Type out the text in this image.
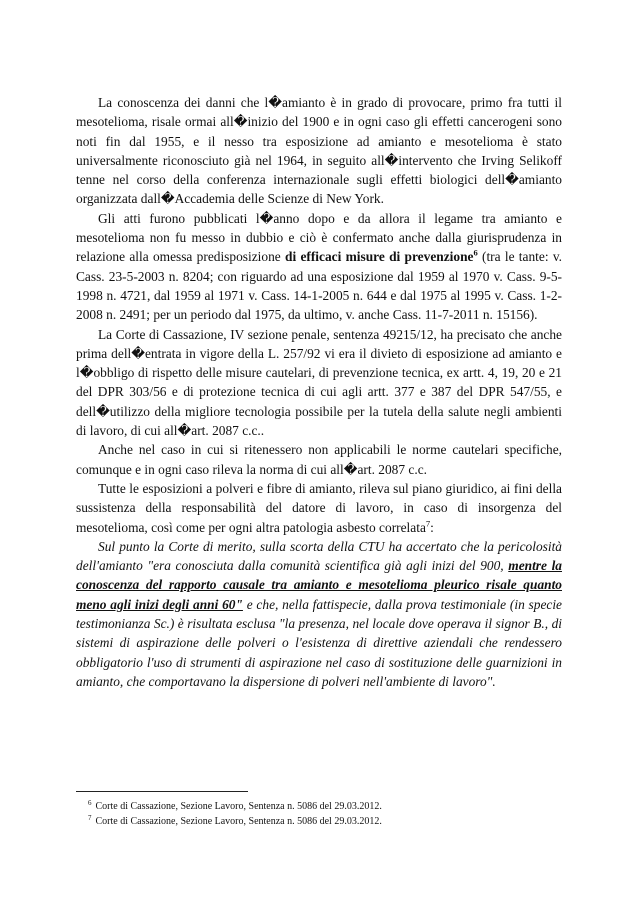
La conoscenza dei danni che l�amianto è in grado di provocare, primo fra tutti il mesotelioma, risale ormai all�inizio del 1900 e in ogni caso gli effetti cancerogeni sono noti fin dal 1955, e il nesso tra esposizione ad amianto e mesotelioma è stato universalmente riconosciuto già nel 1964, in seguito all�intervento che Irving Selikoff tenne nel corso della conferenza internazionale sugli effetti biologici dell�amianto organizzata dall�Accademia delle Scienze di New York.

Gli atti furono pubblicati l�anno dopo e da allora il legame tra amianto e mesotelioma non fu messo in dubbio e ciò è confermato anche dalla giurisprudenza in relazione alla omessa predisposizione di efficaci misure di prevenzione$^6$ (tra le tante: v. Cass. 23-5-2003 n. 8204; con riguardo ad una esposizione dal 1959 al 1970 v. Cass. 9-5- 1998 n. 4721, dal 1959 al 1971 v. Cass. 14-1-2005 n. 644 e dal 1975 al 1995 v. Cass. 1-2-2008 n. 2491; per un periodo dal 1975, da ultimo, v. anche Cass. 11-7-2011 n. 15156).

La Corte di Cassazione, IV sezione penale, sentenza 49215/12, ha precisato che anche prima dell�entrata in vigore della L. 257/92 vi era il divieto di esposizione ad amianto e l�obbligo di rispetto delle misure cautelari, di prevenzione tecnica, ex artt. 4, 19, 20 e 21 del DPR 303/56 e di protezione tecnica di cui agli artt. 377 e 387 del DPR 547/55, e dell�utilizzo della migliore tecnologia possibile per la tutela della salute negli ambienti di lavoro, di cui all�art. 2087 c.c..

Anche nel caso in cui si ritenessero non applicabili le norme cautelari specifiche, comunque e in ogni caso rileva la norma di cui all�art. 2087 c.c.

Tutte le esposizioni a polveri e fibre di amianto, rileva sul piano giuridico, ai fini della sussistenza della responsabilità del datore di lavoro, in caso di insorgenza del mesotelioma, così come per ogni altra patologia asbesto correlata$^7$:

Sul punto la Corte di merito, sulla scorta della CTU ha accertato che la pericolosità dell'amianto "era conosciuta dalla comunità scientifica già agli inizi del 900, mentre la conoscenza del rapporto causale tra amianto e mesotelioma pleurico risale quanto meno agli inizi degli anni 60" e che, nella fattispecie, dalla prova testimoniale (in specie testimonianza Sc.) è risultata esclusa "la presenza, nel locale dove operava il signor B., di sistemi di aspirazione delle polveri o l'esistenza di direttive aziendali che rendessero obbligatorio l'uso di strumenti di aspirazione nel caso di sostituzione delle guarnizioni in amianto, che comportavano la dispersione di polveri nell'ambiente di lavoro".

$^6$ Corte di Cassazione, Sezione Lavoro, Sentenza n. 5086 del 29.03.2012.
$^7$ Corte di Cassazione, Sezione Lavoro, Sentenza n. 5086 del 29.03.2012.
